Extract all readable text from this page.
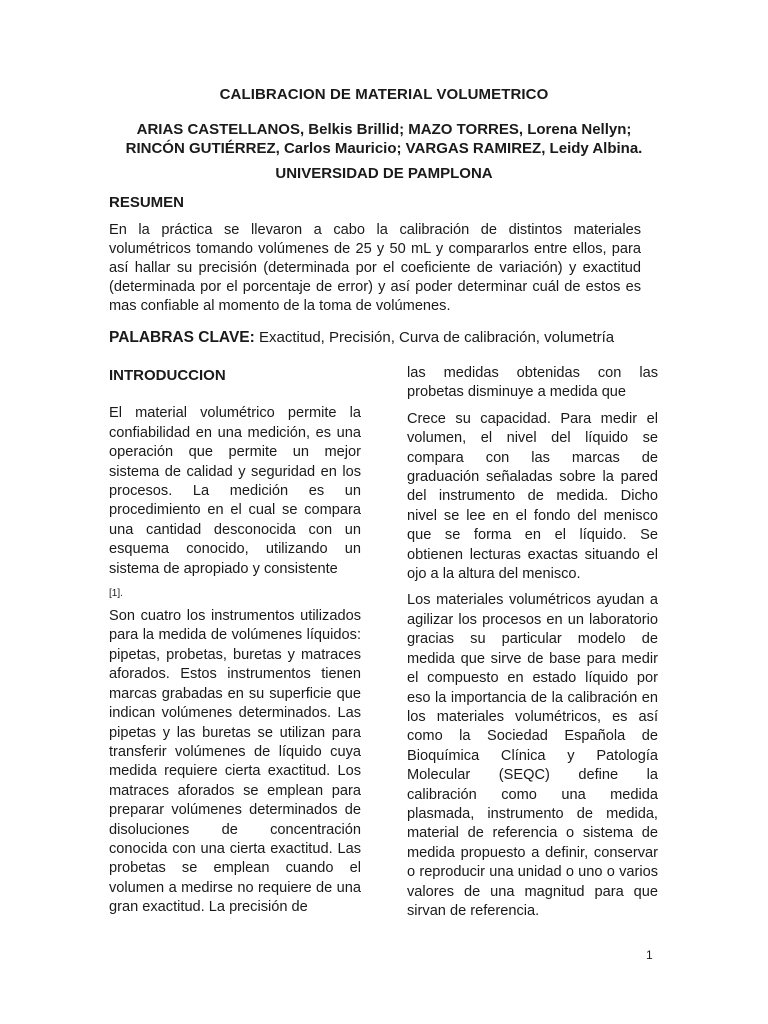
CALIBRACION DE MATERIAL VOLUMETRICO
ARIAS CASTELLANOS, Belkis Brillid; MAZO TORRES, Lorena Nellyn;
RINCÓN GUTIÉRREZ, Carlos Mauricio; VARGAS RAMIREZ, Leidy Albina.
UNIVERSIDAD DE PAMPLONA
RESUMEN
En la práctica se llevaron a cabo la calibración de distintos materiales volumétricos tomando volúmenes de 25 y 50 mL y compararlos entre ellos, para así hallar su precisión (determinada por el coeficiente de variación) y exactitud (determinada por el porcentaje de error) y así poder determinar cuál de estos es mas confiable al momento de la toma de volúmenes.
PALABRAS CLAVE: Exactitud, Precisión, Curva de calibración, volumetría
INTRODUCCION

El material volumétrico permite la confiabilidad en una medición, es una operación que permite un mejor sistema de calidad y seguridad en los procesos. La medición es un procedimiento en el cual se compara una cantidad desconocida con un esquema conocido, utilizando un sistema de apropiado y consistente

[1].

Son cuatro los instrumentos utilizados para la medida de volúmenes líquidos: pipetas, probetas, buretas y matraces aforados. Estos instrumentos tienen marcas grabadas en su superficie que indican volúmenes determinados. Las pipetas y las buretas se utilizan para transferir volúmenes de líquido cuya medida requiere cierta exactitud. Los matraces aforados se emplean para preparar volúmenes determinados de disoluciones de concentración conocida con una cierta exactitud. Las probetas se emplean cuando el volumen a medirse no requiere de una gran exactitud. La precisión de

las medidas obtenidas con las probetas disminuye a medida que

Crece su capacidad. Para medir el volumen, el nivel del líquido se compara con las marcas de graduación señaladas sobre la pared del instrumento de medida. Dicho nivel se lee en el fondo del menisco que se forma en el líquido. Se obtienen lecturas exactas situando el ojo a la altura del menisco.

Los materiales volumétricos ayudan a agilizar los procesos en un laboratorio gracias su particular modelo de medida que sirve de base para medir el compuesto en estado líquido por eso la importancia de la calibración en los materiales volumétricos, es así como la Sociedad Española de Bioquímica Clínica y Patología Molecular (SEQC) define la calibración como una medida plasmada, instrumento de medida, material de referencia o sistema de medida propuesto a definir, conservar o reproducir una unidad o uno o varios valores de una magnitud para que sirvan de referencia.

1
